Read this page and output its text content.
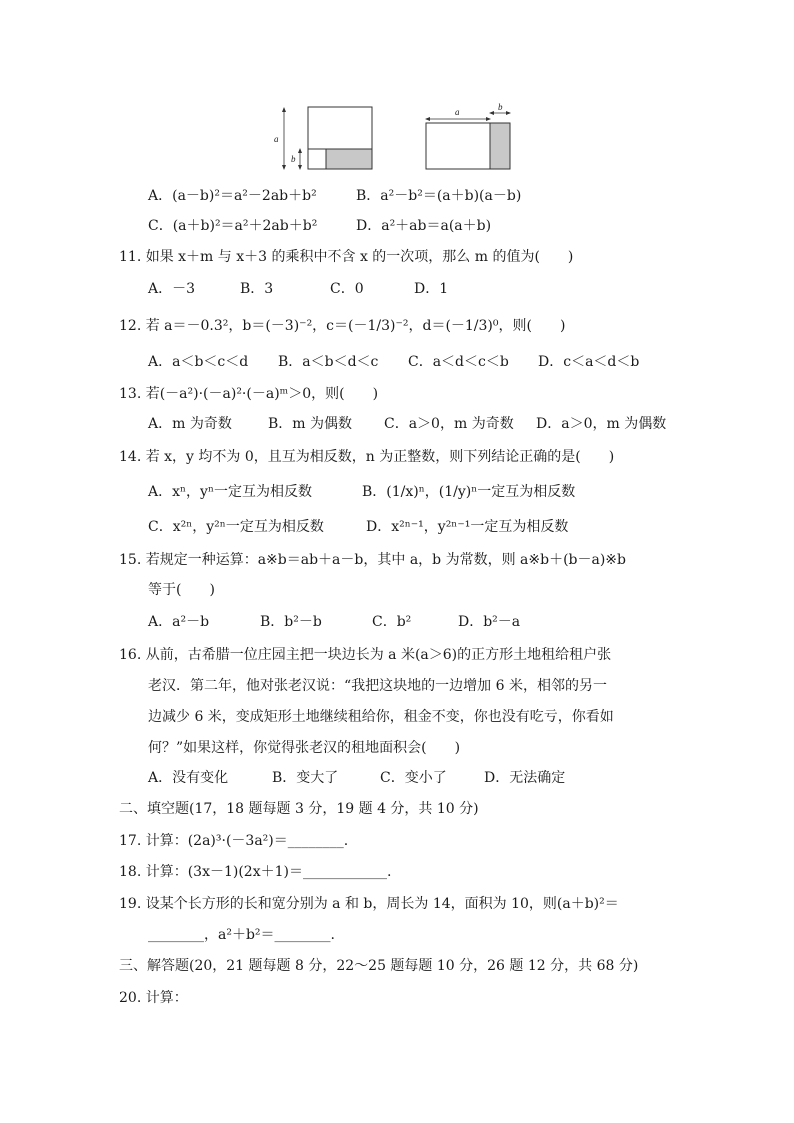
a
b
a	b
A．(a－b)²＝a²－2ab＋b²	B．a²－b²＝(a＋b)(a－b)
C．(a＋b)²＝a²＋2ab＋b²	D．a²＋ab＝a(a＋b)
11. 如果 x＋m 与 x＋3 的乘积中不含 x 的一次项，那么 m 的值为(　　)
A．－3	B．3	C．0	D．1
12. 若 a＝－0.3²，b＝(－3)⁻²，c＝(－1/3)⁻²，d＝(－1/3)⁰，则(　　)
A．a＜b＜c＜d B．a＜b＜d＜c C．a＜d＜c＜b D．c＜a＜d＜b
13. 若(－a²)·(－a)²·(－a)ᵐ＞0，则(　　)
A．m 为奇数	B．m 为偶数 C．a＞0，m 为奇数 D．a＞0，m 为偶数
14. 若 x，y 均不为 0，且互为相反数，n 为正整数，则下列结论正确的是(　　)
A．xⁿ，yⁿ一定互为相反数	B．(1/x)ⁿ，(1/y)ⁿ一定互为相反数
C．x²ⁿ，y²ⁿ一定互为相反数	D．x²ⁿ⁻¹，y²ⁿ⁻¹一定互为相反数
15. 若规定一种运算：a※b＝ab＋a－b，其中 a，b 为常数，则 a※b＋(b－a)※b
等于(　　)
A．a²－b	B．b²－b	C．b²	D．b²－a
16. 从前，古希腊一位庄园主把一块边长为 a 米(a＞6)的正方形土地租给租户张
老汉．第二年，他对张老汉说：“我把这块地的一边增加 6 米，相邻的另一
边减少 6 米，变成矩形土地继续租给你，租金不变，你也没有吃亏，你看如
何？”如果这样，你觉得张老汉的租地面积会(　　)
A．没有变化	B．变大了	C．变小了	D．无法确定
二、填空题(17，18 题每题 3 分，19 题 4 分，共 10 分)
17. 计算：(2a)³·(－3a²)＝________.
18. 计算：(3x－1)(2x＋1)＝____________.
19. 设某个长方形的长和宽分别为 a 和 b，周长为 14，面积为 10，则(a＋b)²＝
________，a²＋b²＝________.
三、解答题(20，21 题每题 8 分，22～25 题每题 10 分，26 题 12 分，共 68 分)
20. 计算：
